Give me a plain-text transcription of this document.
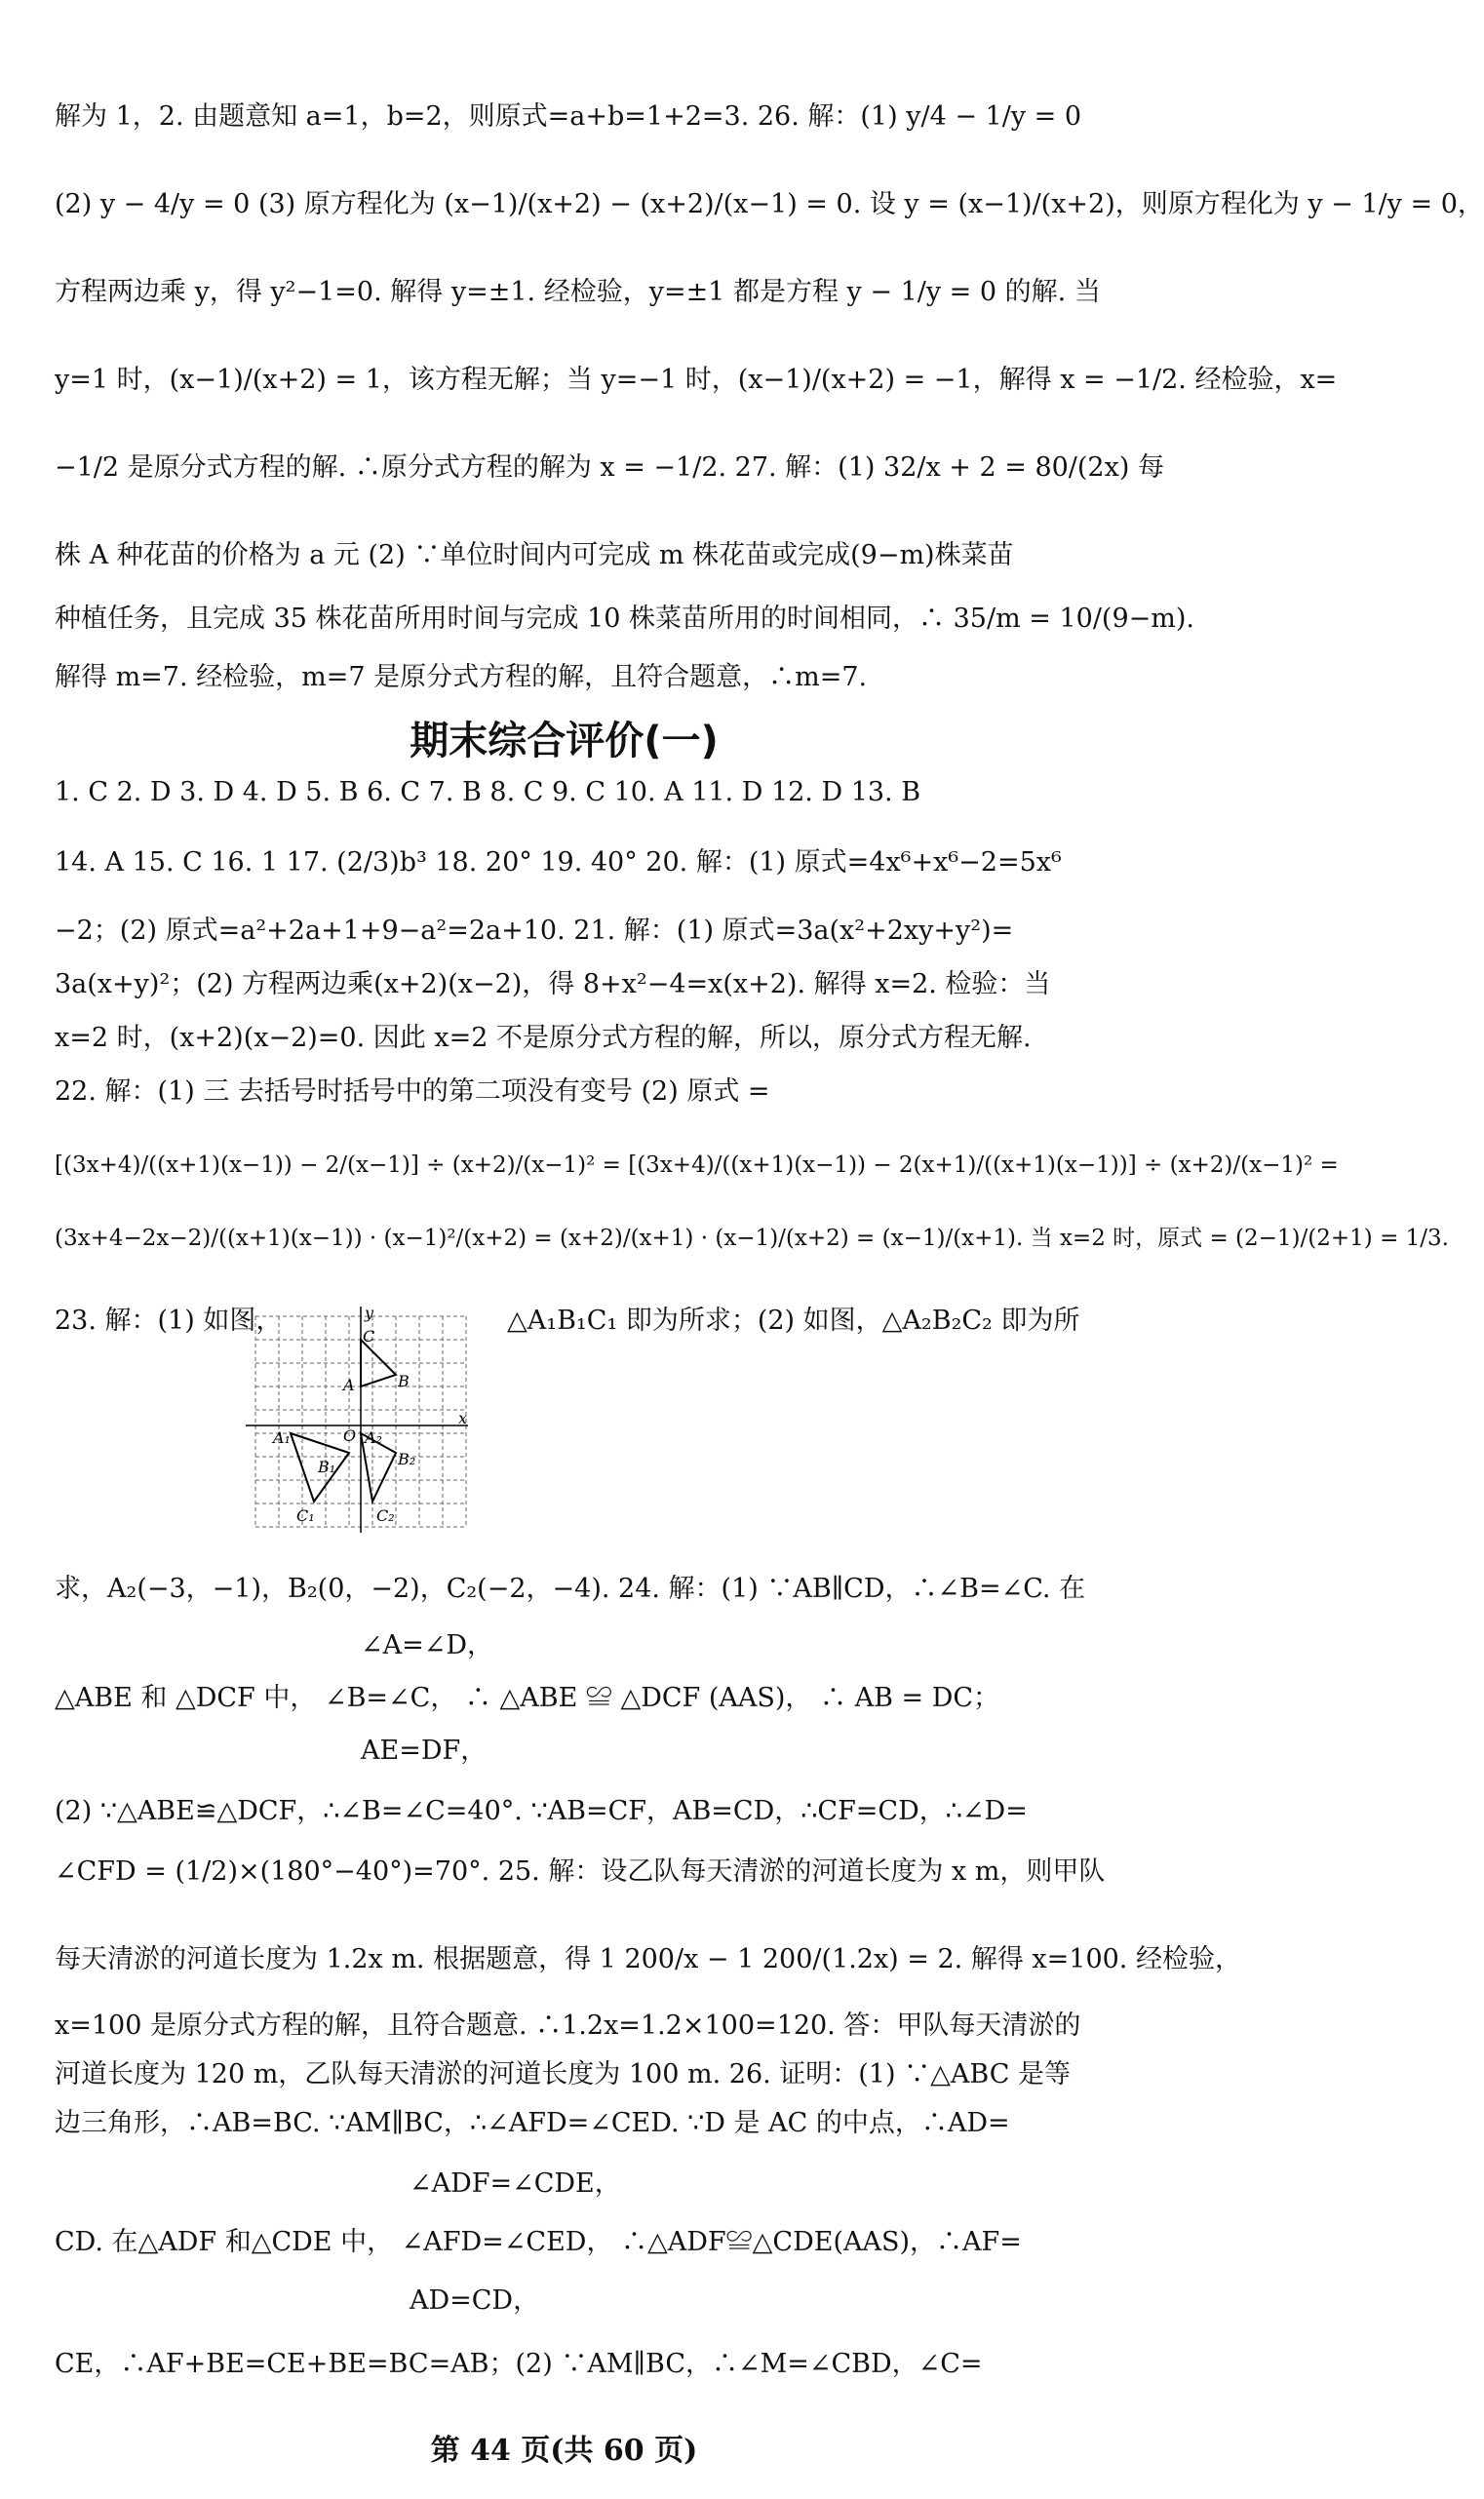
解为 1，2. 由题意知 a=1，b=2，则原式=a+b=1+2=3. 26. 解：(1) y/4 − 1/y = 0
(2) y − 4/y = 0 (3) 原方程化为 (x−1)/(x+2) − (x+2)/(x−1) = 0. 设 y = (x−1)/(x+2)，则原方程化为 y − 1/y = 0，
方程两边乘 y，得 y²−1=0. 解得 y=±1. 经检验，y=±1 都是方程 y − 1/y = 0 的解. 当
y=1 时，(x−1)/(x+2) = 1，该方程无解；当 y=−1 时，(x−1)/(x+2) = −1，解得 x = −1/2. 经检验，x=
−1/2 是原分式方程的解. ∴原分式方程的解为 x = −1/2. 27. 解：(1) 32/x + 2 = 80/(2x) 每
株 A 种花苗的价格为 a 元 (2) ∵单位时间内可完成 m 株花苗或完成(9−m)株菜苗
种植任务，且完成 35 株花苗所用时间与完成 10 株菜苗所用的时间相同，∴ 35/m = 10/(9−m).
解得 m=7. 经检验，m=7 是原分式方程的解，且符合题意，∴m=7.
期末综合评价(一)
1. C 2. D 3. D 4. D 5. B 6. C 7. B 8. C 9. C 10. A 11. D 12. D 13. B
14. A 15. C 16. 1 17. (2/3)b³ 18. 20° 19. 40° 20. 解：(1) 原式=4x⁶+x⁶−2=5x⁶
−2；(2) 原式=a²+2a+1+9−a²=2a+10. 21. 解：(1) 原式=3a(x²+2xy+y²)=
3a(x+y)²；(2) 方程两边乘(x+2)(x−2)，得 8+x²−4=x(x+2). 解得 x=2. 检验：当
x=2 时，(x+2)(x−2)=0. 因此 x=2 不是原分式方程的解，所以，原分式方程无解.
22. 解：(1) 三 去括号时括号中的第二项没有变号 (2) 原式 =
[(3x+4)/((x+1)(x−1)) − 2/(x−1)] ÷ (x+2)/(x−1)² = [(3x+4)/((x+1)(x−1)) − 2(x+1)/((x+1)(x−1))] ÷ (x+2)/(x−1)² =
(3x+4−2x−2)/((x+1)(x−1)) · (x−1)²/(x+2) = (x+2)/(x+1) · (x−1)/(x+2) = (x−1)/(x+1). 当 x=2 时，原式 = (2−1)/(2+1) = 1/3.
23. 解：(1) 如图，	△A₁B₁C₁ 即为所求；(2) 如图，△A₂B₂C₂ 即为所
y
x
O
C
A	B
A₁
B₁
C₁
A₂
B₂
C₂
求，A₂(−3，−1)，B₂(0，−2)，C₂(−2，−4). 24. 解：(1) ∵AB∥CD，∴∠B=∠C. 在
∠A=∠D，
△ABE 和 △DCF 中， ∠B=∠C， ∴ △ABE ≌ △DCF (AAS)， ∴ AB = DC；
AE=DF，
(2) ∵△ABE≌△DCF，∴∠B=∠C=40°. ∵AB=CF，AB=CD，∴CF=CD，∴∠D=
∠CFD = (1/2)×(180°−40°)=70°. 25. 解：设乙队每天清淤的河道长度为 x m，则甲队
每天清淤的河道长度为 1.2x m. 根据题意，得 1 200/x − 1 200/(1.2x) = 2. 解得 x=100. 经检验，
x=100 是原分式方程的解，且符合题意. ∴1.2x=1.2×100=120. 答：甲队每天清淤的
河道长度为 120 m，乙队每天清淤的河道长度为 100 m. 26. 证明：(1) ∵△ABC 是等
边三角形，∴AB=BC. ∵AM∥BC，∴∠AFD=∠CED. ∵D 是 AC 的中点，∴AD=
∠ADF=∠CDE，
CD. 在△ADF 和△CDE 中， ∠AFD=∠CED， ∴△ADF≌△CDE(AAS)，∴AF=
AD=CD，
CE，∴AF+BE=CE+BE=BC=AB；(2) ∵AM∥BC，∴∠M=∠CBD，∠C=
第 44 页(共 60 页)
